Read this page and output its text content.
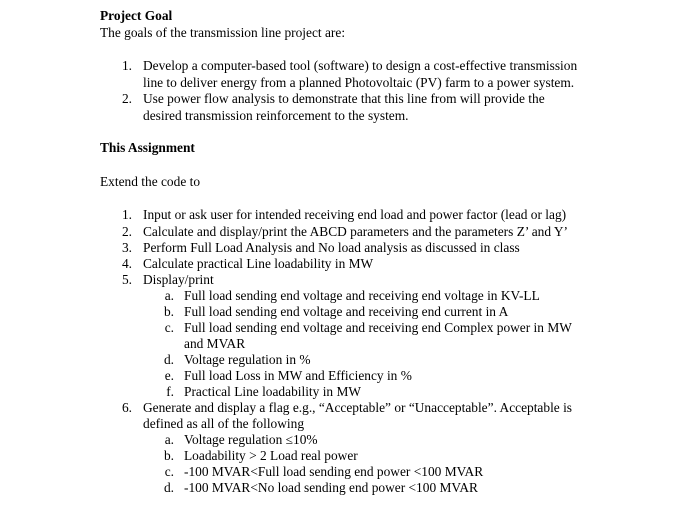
Project Goal
The goals of the transmission line project are:
1. Develop a computer-based tool (software) to design a cost-effective transmission
line to deliver energy from a planned Photovoltaic (PV) farm to a power system.
2. Use power flow analysis to demonstrate that this line from will provide the
desired transmission reinforcement to the system.
This Assignment
Extend the code to
1. Input or ask user for intended receiving end load and power factor (lead or lag)
2. Calculate and display/print the ABCD parameters and the parameters Z’ and Y’
3. Perform Full Load Analysis and No load analysis as discussed in class
4. Calculate practical Line loadability in MW
5. Display/print
a. Full load sending end voltage and receiving end voltage in KV-LL
b. Full load sending end voltage and receiving end current in A
c. Full load sending end voltage and receiving end Complex power in MW
and MVAR
d. Voltage regulation in %
e. Full load Loss in MW and Efficiency in %
f. Practical Line loadability in MW
6. Generate and display a flag e.g., “Acceptable” or “Unacceptable”. Acceptable is
defined as all of the following
a. Voltage regulation ≤10%
b. Loadability > 2 Load real power
c. -100 MVAR<Full load sending end power <100 MVAR
d. -100 MVAR<No load sending end power <100 MVAR
